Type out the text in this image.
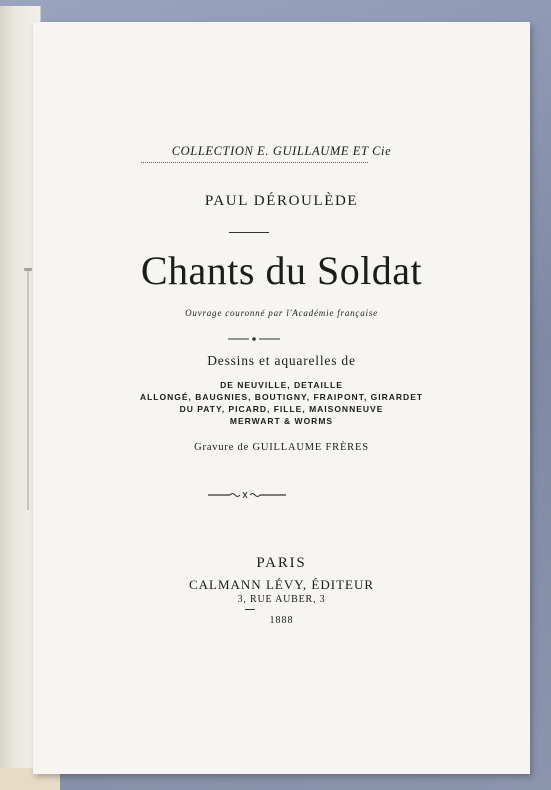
COLLECTION E. GUILLAUME ET Cie
PAUL DÉROULÈDE
Chants du Soldat
Ouvrage couronné par l'Académie française
Dessins et aquarelles de
DE NEUVILLE, DETAILLE
ALLONGÉ, BAUGNIES, BOUTIGNY, FRAIPONT, GIRARDET
DU PATY, PICARD, FILLE, MAISONNEUVE
MERWART & WORMS
Gravure de GUILLAUME FRÈRES
PARIS
CALMANN LÉVY, ÉDITEUR
3, RUE AUBER, 3
1888
